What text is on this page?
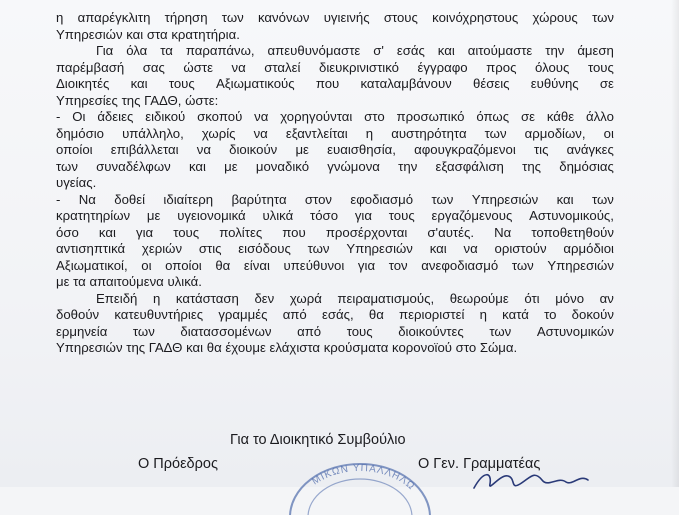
η απαρέγκλιτη τήρηση των κανόνων υγιεινής στους κοινόχρηστους χώρους των
Υπηρεσιών και στα κρατητήρια.
Για όλα τα παραπάνω, απευθυνόμαστε σ' εσάς και αιτούμαστε την άμεση
παρέμβασή σας ώστε να σταλεί διευκρινιστικό έγγραφο προς όλους τους
Διοικητές και τους Αξιωματικούς που καταλαμβάνουν θέσεις ευθύνης σε
Υπηρεσίες της ΓΑΔΘ, ώστε:
- Οι άδειες ειδικού σκοπού να χορηγούνται στο προσωπικό όπως σε κάθε άλλο
δημόσιο υπάλληλο, χωρίς να εξαντλείται η αυστηρότητα των αρμοδίων, οι
οποίοι επιβάλλεται να διοικούν με ευαισθησία, αφουγκραζόμενοι τις ανάγκες
των συναδέλφων και με μοναδικό γνώμονα την εξασφάλιση της δημόσιας
υγείας.
- Να δοθεί ιδιαίτερη βαρύτητα στον εφοδιασμό των Υπηρεσιών και των
κρατητηρίων με υγειονομικά υλικά τόσο για τους εργαζόμενους Αστυνομικούς,
όσο και για τους πολίτες που προσέρχονται σ'αυτές. Να τοποθετηθούν
αντισηπτικά χεριών στις εισόδους των Υπηρεσιών και να οριστούν αρμόδιοι
Αξιωματικοί, οι οποίοι θα είναι υπεύθυνοι για τον ανεφοδιασμό των Υπηρεσιών
με τα απαιτούμενα υλικά.
Επειδή η κατάσταση δεν χωρά πειραματισμούς, θεωρούμε ότι μόνο αν
δοθούν κατευθυντήριες γραμμές από εσάς, θα περιοριστεί η κατά το δοκούν
ερμηνεία των διατασσομένων από τους διοικούντες των Αστυνομικών
Υπηρεσιών της ΓΑΔΘ και θα έχουμε ελάχιστα κρούσματα κορονοϊού στο Σώμα.
Για το Διοικητικό Συμβούλιο
Ο Πρόεδρος	Ο Γεν. Γραμματέας
ΜΙΚΩΝ ΥΠΑΛΛΗΛΩ
